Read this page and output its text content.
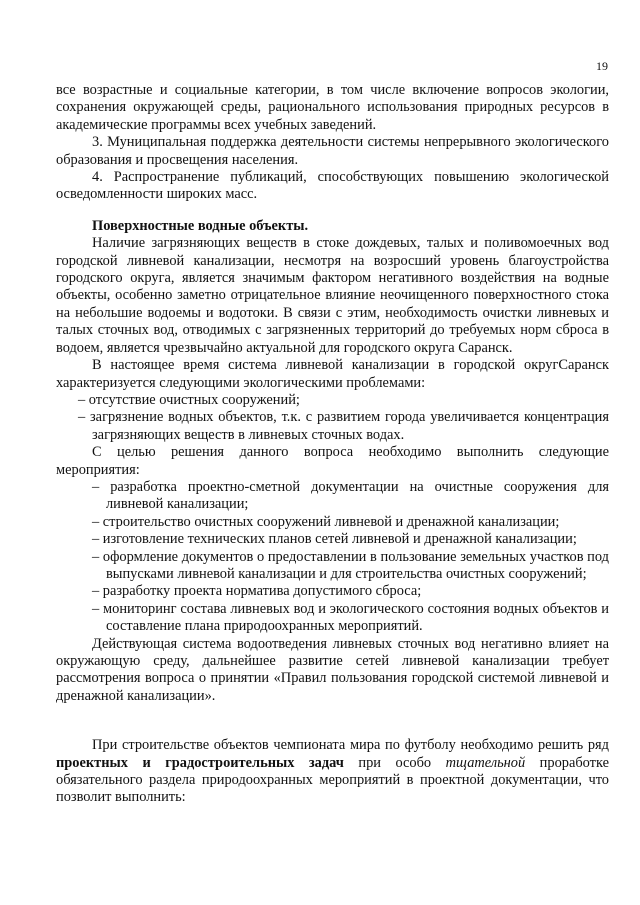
19

все возрастные и социальные категории, в том числе включение вопросов экологии, сохранения окружающей среды, рационального использования природных ресурсов в академические программы всех учебных заведений.

3. Муниципальная поддержка деятельности системы непрерывного экологического образования и просвещения населения.

4. Распространение публикаций, способствующих повышению экологической осведомленности широких масс.

Поверхностные водные объекты.

Наличие загрязняющих веществ в стоке дождевых, талых и поливомоечных вод городской ливневой канализации, несмотря на возросший уровень благоустройства городского округа, является значимым фактором негативного воздействия на водные объекты, особенно заметно отрицательное влияние неочищенного поверхностного стока на небольшие водоемы и водотоки. В связи с этим, необходимость очистки ливневых и талых сточных вод, отводимых с загрязненных территорий до требуемых норм сброса в водоем, является чрезвычайно актуальной для городского округа Саранск.

В настоящее время система ливневой канализации в городской округСаранск характеризуется следующими экологическими проблемами:

– отсутствие очистных сооружений;
– загрязнение водных объектов, т.к. с развитием города увеличивается концентрация загрязняющих веществ в ливневых сточных водах.

С целью решения данного вопроса необходимо выполнить следующие мероприятия:

– разработка проектно-сметной документации на очистные сооружения для ливневой канализации;
– строительство очистных сооружений ливневой и дренажной канализации;
– изготовление технических планов сетей ливневой и дренажной канализации;
– оформление документов о предоставлении в пользование земельных участков под выпусками ливневой канализации и для строительства очистных сооружений;
– разработку проекта норматива допустимого сброса;
– мониторинг состава ливневых вод и экологического состояния водных объектов и составление плана природоохранных мероприятий.

Действующая система водоотведения ливневых сточных вод негативно влияет на окружающую среду, дальнейшее развитие сетей ливневой канализации требует рассмотрения вопроса о принятии «Правил пользования городской системой ливневой и дренажной канализации».

При строительстве объектов чемпионата мира по футболу необходимо решить ряд проектных и градостроительных задач при особо тщательной проработке обязательного раздела природоохранных мероприятий в проектной документации, что позволит выполнить:
